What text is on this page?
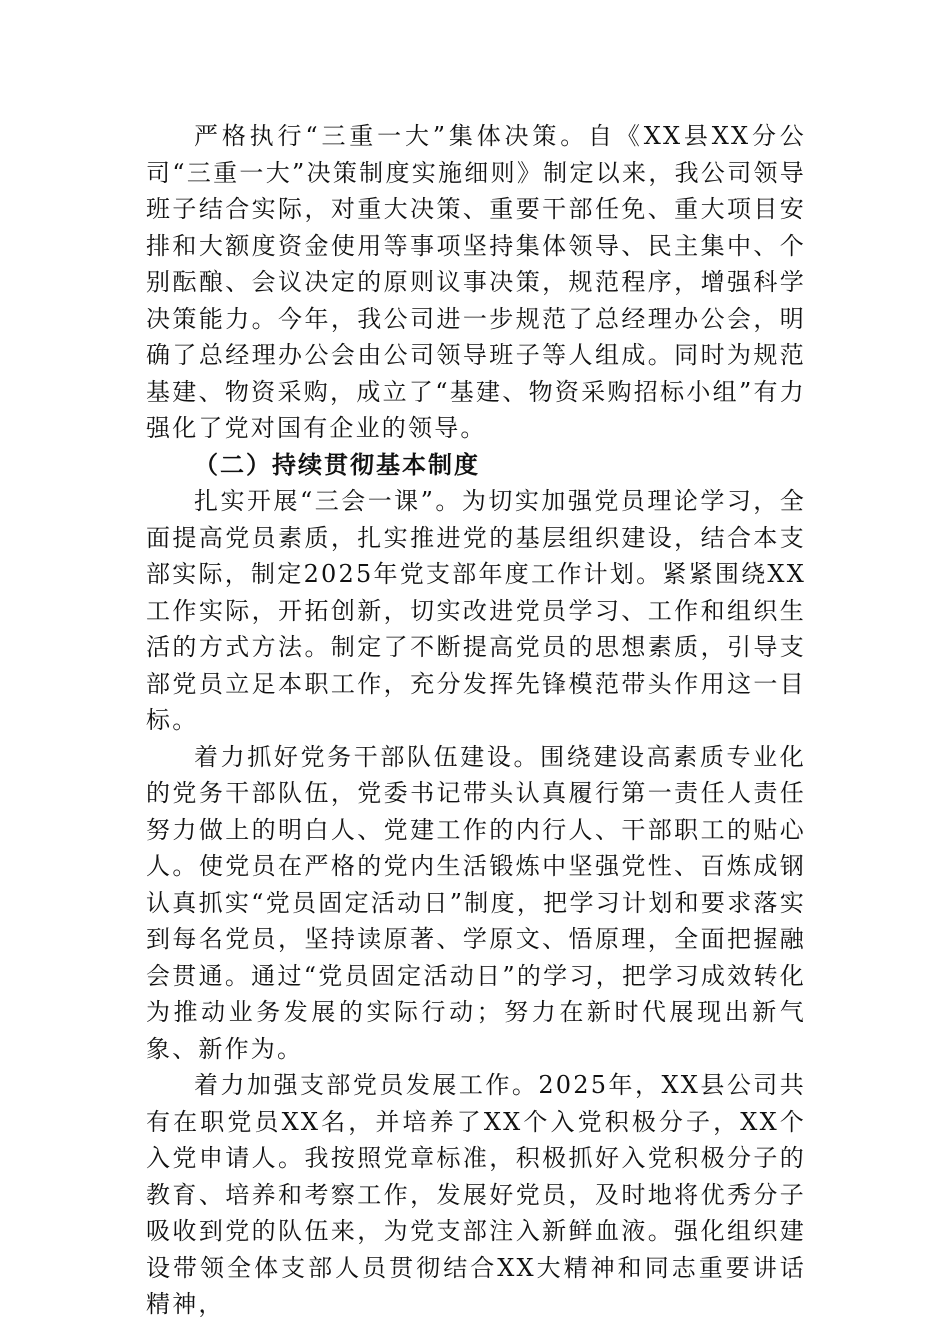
严格执行“三重一大”集体决策。自《XX县XX分公司“三重一大”决策制度实施细则》制定以来，我公司领导班子结合实际，对重大决策、重要干部任免、重大项目安排和大额度资金使用等事项坚持集体领导、民主集中、个别酝酿、会议决定的原则议事决策，规范程序，增强科学决策能力。今年，我公司进一步规范了总经理办公会，明确了总经理办公会由公司领导班子等人组成。同时为规范基建、物资采购，成立了“基建、物资采购招标小组”有力强化了党对国有企业的领导。

（二）持续贯彻基本制度

扎实开展“三会一课”。为切实加强党员理论学习，全面提高党员素质，扎实推进党的基层组织建设，结合本支部实际，制定2025年党支部年度工作计划。紧紧围绕XX工作实际，开拓创新，切实改进党员学习、工作和组织生活的方式方法。制定了不断提高党员的思想素质，引导支部党员立足本职工作，充分发挥先锋模范带头作用这一目标。

着力抓好党务干部队伍建设。围绕建设高素质专业化的党务干部队伍，党委书记带头认真履行第一责任人责任努力做上的明白人、党建工作的内行人、干部职工的贴心人。使党员在严格的党内生活锻炼中坚强党性、百炼成钢认真抓实“党员固定活动日”制度，把学习计划和要求落实到每名党员，坚持读原著、学原文、悟原理，全面把握融会贯通。通过“党员固定活动日”的学习，把学习成效转化为推动业务发展的实际行动；努力在新时代展现出新气象、新作为。

着力加强支部党员发展工作。2025年，XX县公司共有在职党员XX名，并培养了XX个入党积极分子，XX个入党申请人。我按照党章标准，积极抓好入党积极分子的教育、培养和考察工作，发展好党员，及时地将优秀分子吸收到党的队伍来，为党支部注入新鲜血液。强化组织建设带领全体支部人员贯彻结合XX大精神和同志重要讲话精神，
